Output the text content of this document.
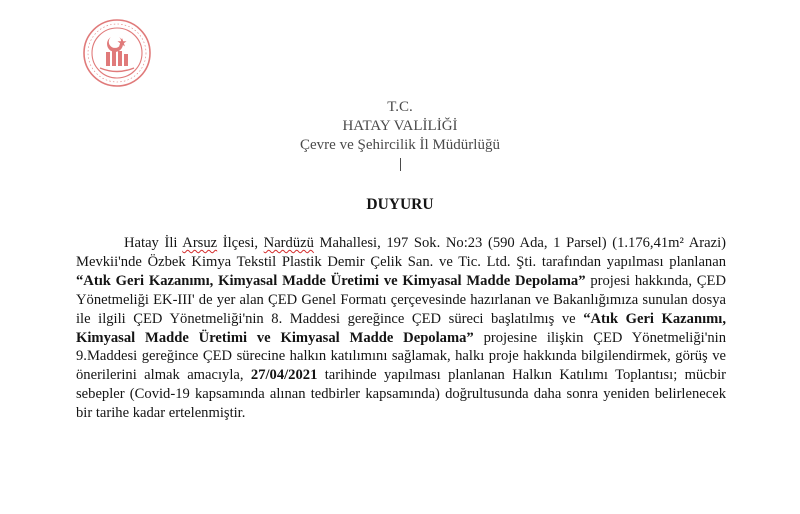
T.C.
HATAY VALİLİĞİ
Çevre ve Şehircilik İl Müdürlüğü
DUYURU

Hatay İli Arsuz İlçesi, Nardüzü Mahallesi, 197 Sok. No:23 (590 Ada, 1 Parsel) (1.176,41m² Arazi) Mevkii'nde Özbek Kimya Tekstil Plastik Demir Çelik San. ve Tic. Ltd. Şti. tarafından yapılması planlanan “Atık Geri Kazanımı, Kimyasal Madde Üretimi ve Kimyasal Madde Depolama” projesi hakkında, ÇED Yönetmeliği EK-III' de yer alan ÇED Genel Formatı çerçevesinde hazırlanan ve Bakanlığımıza sunulan dosya ile ilgili ÇED Yönetmeliği'nin 8. Maddesi gereğince ÇED süreci başlatılmış ve “Atık Geri Kazanımı, Kimyasal Madde Üretimi ve Kimyasal Madde Depolama” projesine ilişkin ÇED Yönetmeliği'nin 9.Maddesi gereğince ÇED sürecine halkın katılımını sağlamak, halkı proje hakkında bilgilendirmek, görüş ve önerilerini almak amacıyla, 27/04/2021 tarihinde yapılması planlanan Halkın Katılımı Toplantısı; mücbir sebepler (Covid-19 kapsamında alınan tedbirler kapsamında) doğrultusunda daha sonra yeniden belirlenecek bir tarihe kadar ertelenmiştir.
